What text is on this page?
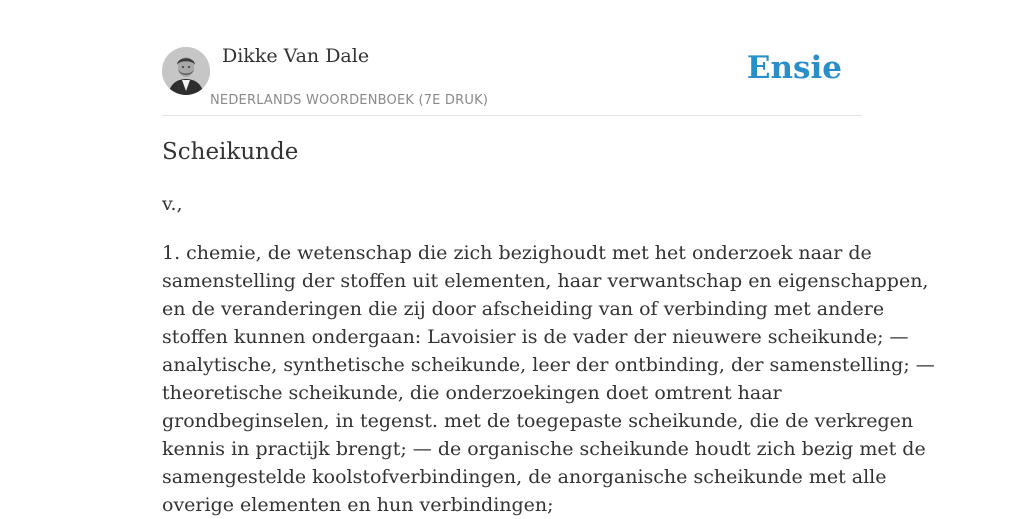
Dikke Van Dale
NEDERLANDS WOORDENBOEK (7E DRUK)
Ensie
Scheikunde
v.,
1. chemie, de wetenschap die zich bezighoudt met het onderzoek naar de
samenstelling der stoffen uit elementen, haar verwantschap en eigenschappen,
en de veranderingen die zij door afscheiding van of verbinding met andere
stoffen kunnen ondergaan: Lavoisier is de vader der nieuwere scheikunde; —
analytische, synthetische scheikunde, leer der ontbinding, der samenstelling; —
theoretische scheikunde, die onderzoekingen doet omtrent haar
grondbeginselen, in tegenst. met de toegepaste scheikunde, die de verkregen
kennis in practijk brengt; — de organische scheikunde houdt zich bezig met de
samengestelde koolstofverbindingen, de anorganische scheikunde met alle
overige elementen en hun verbindingen;
